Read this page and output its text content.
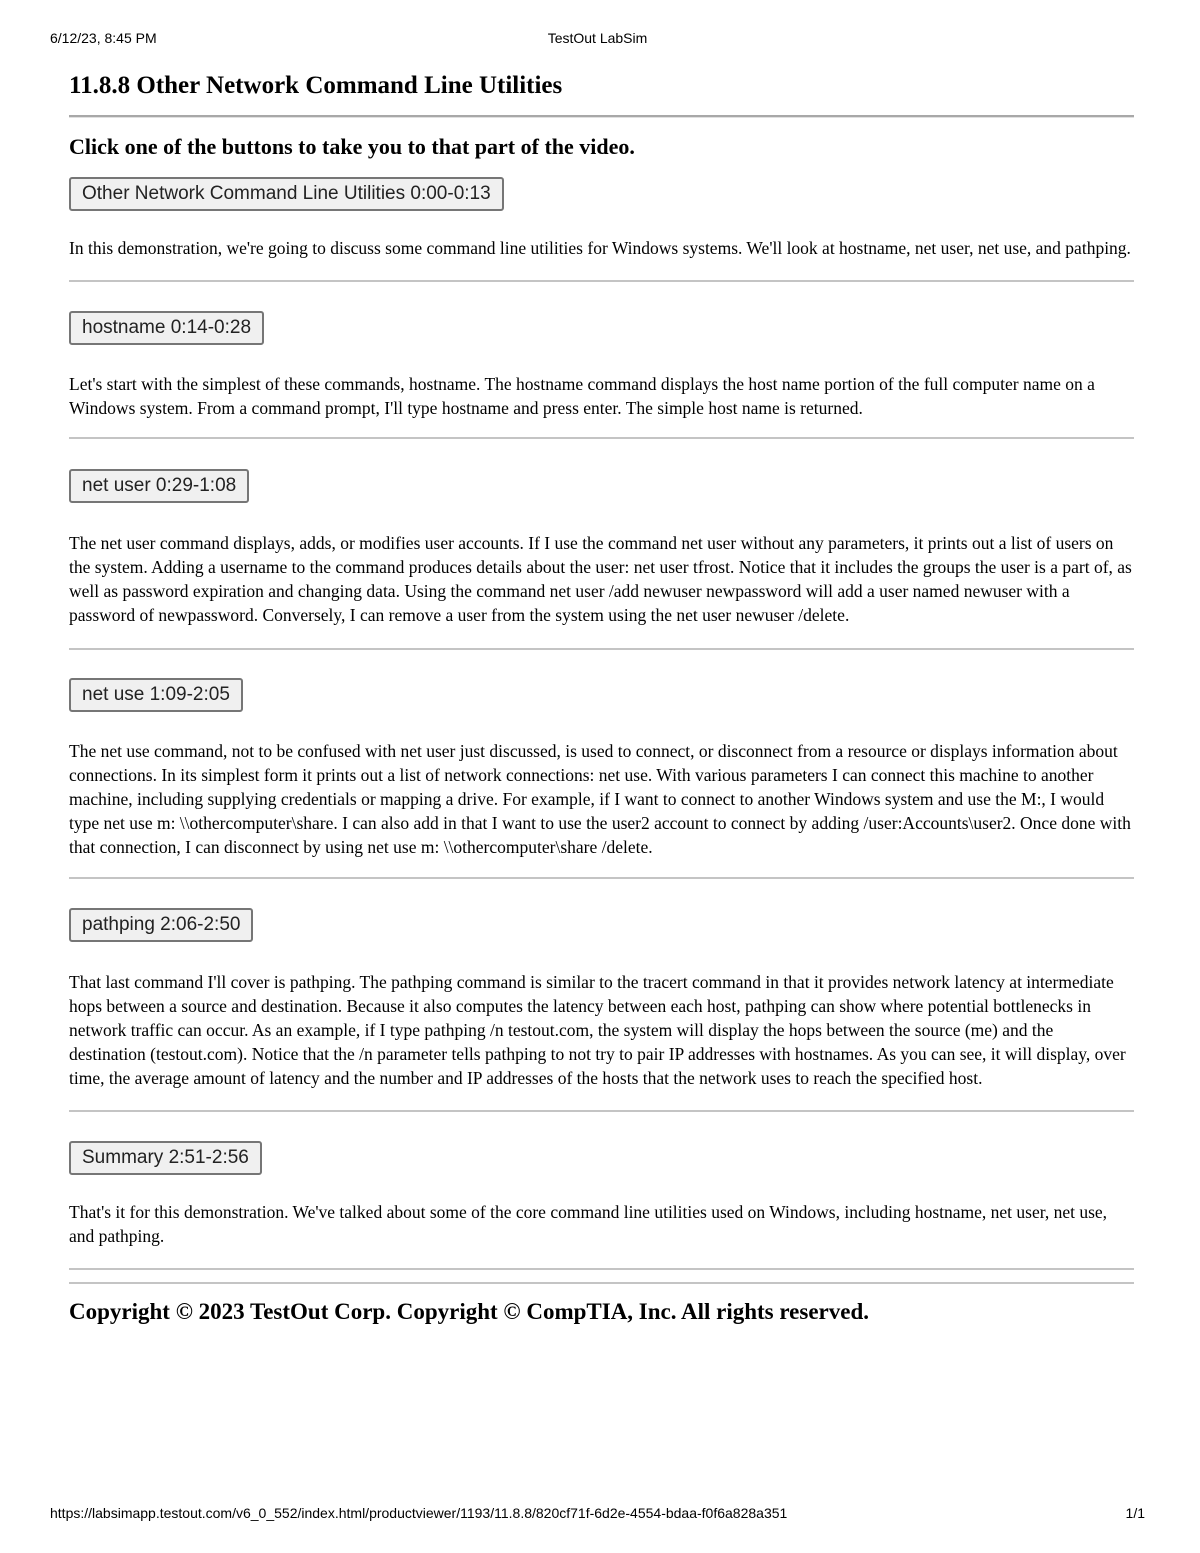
6/12/23, 8:45 PM	TestOut LabSim
11.8.8 Other Network Command Line Utilities
Click one of the buttons to take you to that part of the video.
Other Network Command Line Utilities 0:00-0:13

In this demonstration, we're going to discuss some command line utilities for Windows systems. We'll look at hostname, net user, net use, and pathping.

hostname 0:14-0:28

Let's start with the simplest of these commands, hostname. The hostname command displays the host name portion of the full computer name on a Windows system. From a command prompt, I'll type hostname and press enter. The simple host name is returned.

net user 0:29-1:08

The net user command displays, adds, or modifies user accounts. If I use the command net user without any parameters, it prints out a list of users on the system. Adding a username to the command produces details about the user: net user tfrost. Notice that it includes the groups the user is a part of, as well as password expiration and changing data. Using the command net user /add newuser newpassword will add a user named newuser with a password of newpassword. Conversely, I can remove a user from the system using the net user newuser /delete.

net use 1:09-2:05

The net use command, not to be confused with net user just discussed, is used to connect, or disconnect from a resource or displays information about connections. In its simplest form it prints out a list of network connections: net use. With various parameters I can connect this machine to another machine, including supplying credentials or mapping a drive. For example, if I want to connect to another Windows system and use the M:, I would type net use m: \\othercomputer\share. I can also add in that I want to use the user2 account to connect by adding /user:Accounts\user2. Once done with that connection, I can disconnect by using net use m: \\othercomputer\share /delete.

pathping 2:06-2:50

That last command I'll cover is pathping. The pathping command is similar to the tracert command in that it provides network latency at intermediate hops between a source and destination. Because it also computes the latency between each host, pathping can show where potential bottlenecks in network traffic can occur. As an example, if I type pathping /n testout.com, the system will display the hops between the source (me) and the destination (testout.com). Notice that the /n parameter tells pathping to not try to pair IP addresses with hostnames. As you can see, it will display, over time, the average amount of latency and the number and IP addresses of the hosts that the network uses to reach the specified host.

Summary 2:51-2:56

That's it for this demonstration. We've talked about some of the core command line utilities used on Windows, including hostname, net user, net use, and pathping.

Copyright © 2023 TestOut Corp. Copyright © CompTIA, Inc. All rights reserved.

https://labsimapp.testout.com/v6_0_552/index.html/productviewer/1193/11.8.8/820cf71f-6d2e-4554-bdaa-f0f6a828a351	1/1
